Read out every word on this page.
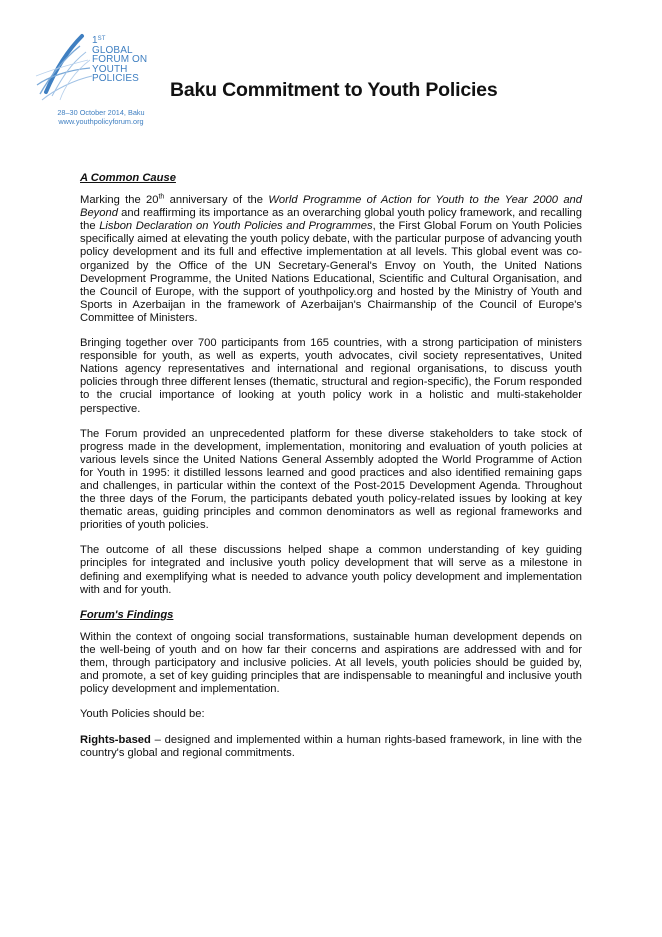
1ST
GLOBAL
FORUM ON
YOUTH
POLICIES
28–30 October 2014, Baku
www.youthpolicyforum.org
Baku Commitment to Youth Policies
A Common Cause

Marking the 20th anniversary of the World Programme of Action for Youth to the Year 2000 and Beyond and reaffirming its importance as an overarching global youth policy framework, and recalling the Lisbon Declaration on Youth Policies and Programmes, the First Global Forum on Youth Policies specifically aimed at elevating the youth policy debate, with the particular purpose of advancing youth policy development and its full and effective implementation at all levels. This global event was co-organized by the Office of the UN Secretary-General's Envoy on Youth, the United Nations Development Programme, the United Nations Educational, Scientific and Cultural Organisation, and the Council of Europe, with the support of youthpolicy.org and hosted by the Ministry of Youth and Sports in Azerbaijan in the framework of Azerbaijan's Chairmanship of the Council of Europe's Committee of Ministers.

Bringing together over 700 participants from 165 countries, with a strong participation of ministers responsible for youth, as well as experts, youth advocates, civil society representatives, United Nations agency representatives and international and regional organisations, to discuss youth policies through three different lenses (thematic, structural and region-specific), the Forum responded to the crucial importance of looking at youth policy work in a holistic and multi-stakeholder perspective.

The Forum provided an unprecedented platform for these diverse stakeholders to take stock of progress made in the development, implementation, monitoring and evaluation of youth policies at various levels since the United Nations General Assembly adopted the World Programme of Action for Youth in 1995: it distilled lessons learned and good practices and also identified remaining gaps and challenges, in particular within the context of the Post-2015 Development Agenda. Throughout the three days of the Forum, the participants debated youth policy-related issues by looking at key thematic areas, guiding principles and common denominators as well as regional frameworks and priorities of youth policies.

The outcome of all these discussions helped shape a common understanding of key guiding principles for integrated and inclusive youth policy development that will serve as a milestone in defining and exemplifying what is needed to advance youth policy development and implementation with and for youth.

Forum's Findings

Within the context of ongoing social transformations, sustainable human development depends on the well-being of youth and on how far their concerns and aspirations are addressed with and for them, through participatory and inclusive policies. At all levels, youth policies should be guided by, and promote, a set of key guiding principles that are indispensable to meaningful and inclusive youth policy development and implementation.

Youth Policies should be:

Rights-based – designed and implemented within a human rights-based framework, in line with the country's global and regional commitments.
